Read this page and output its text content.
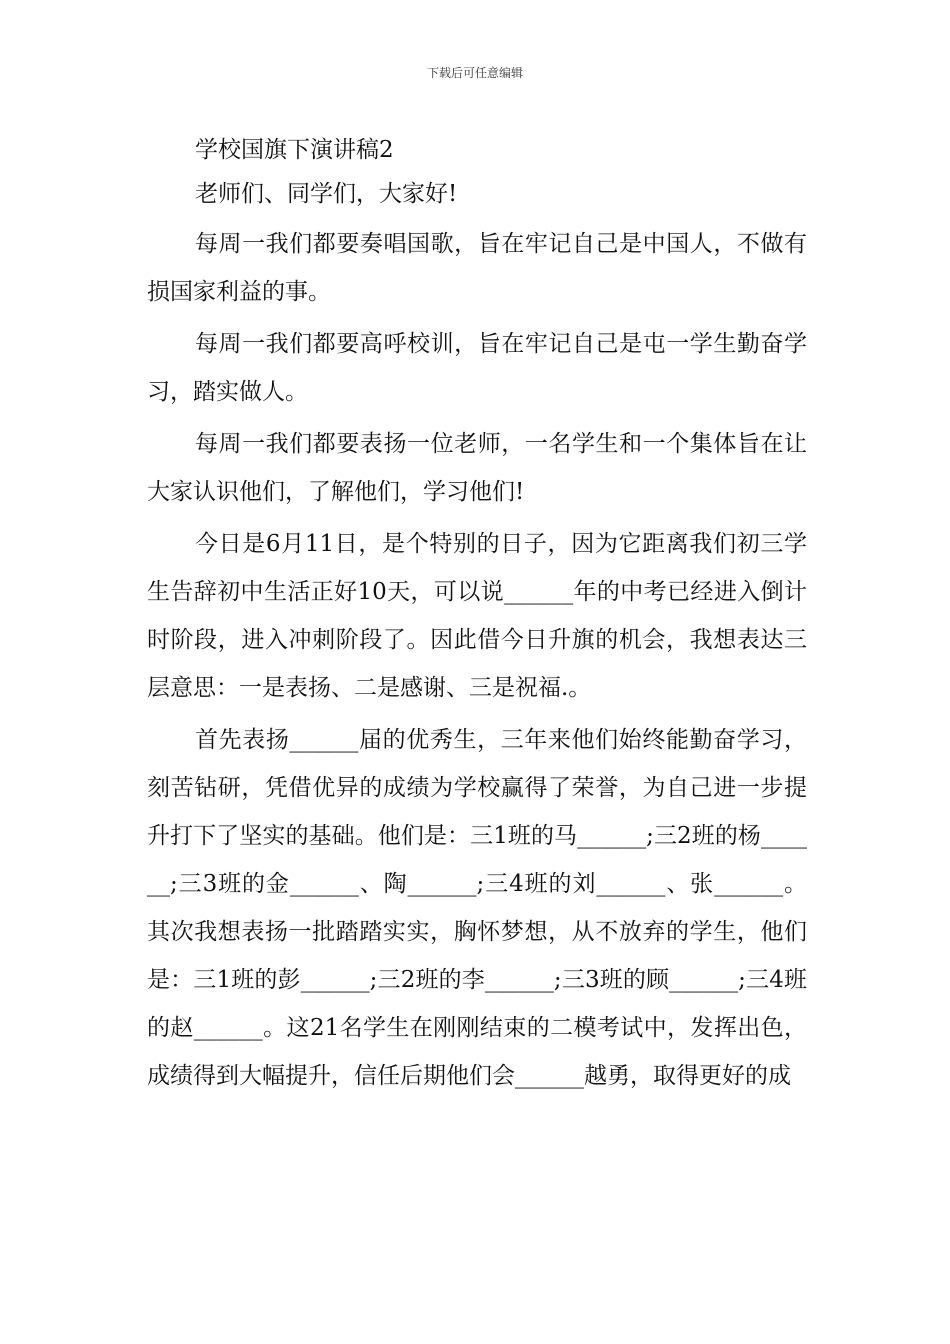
下载后可任意编辑

学校国旗下演讲稿2

老师们、同学们，大家好!

每周一我们都要奏唱国歌，旨在牢记自己是中国人，不做有损国家利益的事。

每周一我们都要高呼校训，旨在牢记自己是屯一学生勤奋学习，踏实做人。

每周一我们都要表扬一位老师，一名学生和一个集体旨在让大家认识他们，了解他们，学习他们!

今日是6月11日，是个特别的日子，因为它距离我们初三学生告辞初中生活正好10天，可以说______年的中考已经进入倒计时阶段，进入冲刺阶段了。因此借今日升旗的机会，我想表达三层意思：一是表扬、二是感谢、三是祝福.。

首先表扬______届的优秀生，三年来他们始终能勤奋学习，刻苦钻研，凭借优异的成绩为学校赢得了荣誉，为自己进一步提升打下了坚实的基础。他们是：三1班的马______;三2班的杨______;三3班的金______、陶______;三4班的刘______、张______。其次我想表扬一批踏踏实实，胸怀梦想，从不放弃的学生，他们是：三1班的彭______;三2班的李______;三3班的顾______;三4班的赵______。这21名学生在刚刚结束的二模考试中，发挥出色，成绩得到大幅提升，信任后期他们会______越勇，取得更好的成
